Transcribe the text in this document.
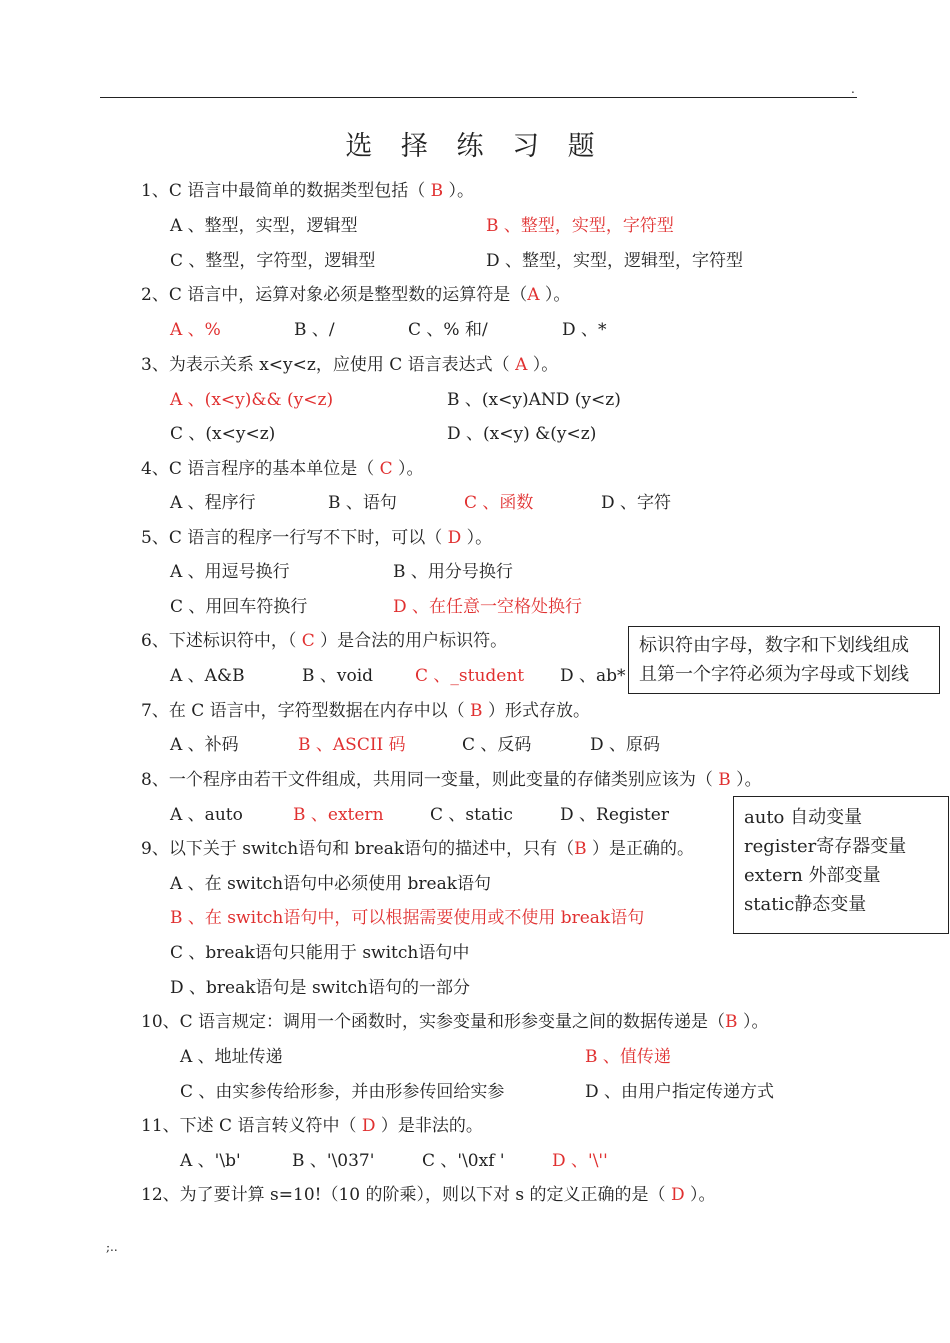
.
选 择 练 习 题
1、C 语言中最简单的数据类型包括（ B ）。
A 、整型，实型，逻辑型	B 、整型，实型，字符型
C 、整型，字符型，逻辑型	D 、整型，实型，逻辑型，字符型
2、C 语言中，运算对象必须是整型数的运算符是（A ）。
A 、%	B 、/	C 、% 和/	D 、*
3、为表示关系 x<y<z，应使用 C 语言表达式（ A ）。
A 、(x<y)&& (y<z)	B 、(x<y)AND (y<z)
C 、(x<y<z)	D 、(x<y) &(y<z)
4、C 语言程序的基本单位是（ C ）。
A 、程序行	B 、语句	C 、函数	D 、字符
5、C 语言的程序一行写不下时，可以（ D ）。
A 、用逗号换行	B 、用分号换行
C 、用回车符换行	D 、在任意一空格处换行
6、下述标识符中，（ C ）是合法的用户标识符。
A 、A&B	B 、void C 、_student D 、ab*
7、在 C 语言中，字符型数据在内存中以（ B ）形式存放。
A 、补码	B 、ASCII 码	C 、反码	D 、原码
8、一个程序由若干文件组成，共用同一变量，则此变量的存储类别应该为（ B ）。
A 、auto	B 、extern	C 、static	D 、Register
9、以下关于 switch语句和 break语句的描述中，只有（B ）是正确的。
A 、在 switch语句中必须使用 break语句
B 、在 switch语句中，可以根据需要使用或不使用 break语句
C 、break语句只能用于 switch语句中
D 、break语句是 switch语句的一部分
10、C 语言规定：调用一个函数时，实参变量和形参变量之间的数据传递是（B ）。
A 、地址传递	B 、值传递
C 、由实参传给形参，并由形参传回给实参	D 、由用户指定传递方式
11、下述 C 语言转义符中（ D ）是非法的。
A 、'\b'	B 、'\037'	C 、'\0xf '	D 、'\''
12、为了要计算 s=10!（10 的阶乘），则以下对 s 的定义正确的是（ D ）。
标识符由字母，数字和下划线组成
且第一个字符必须为字母或下划线
auto 自动变量
register寄存器变量
extern 外部变量
static静态变量
;..
